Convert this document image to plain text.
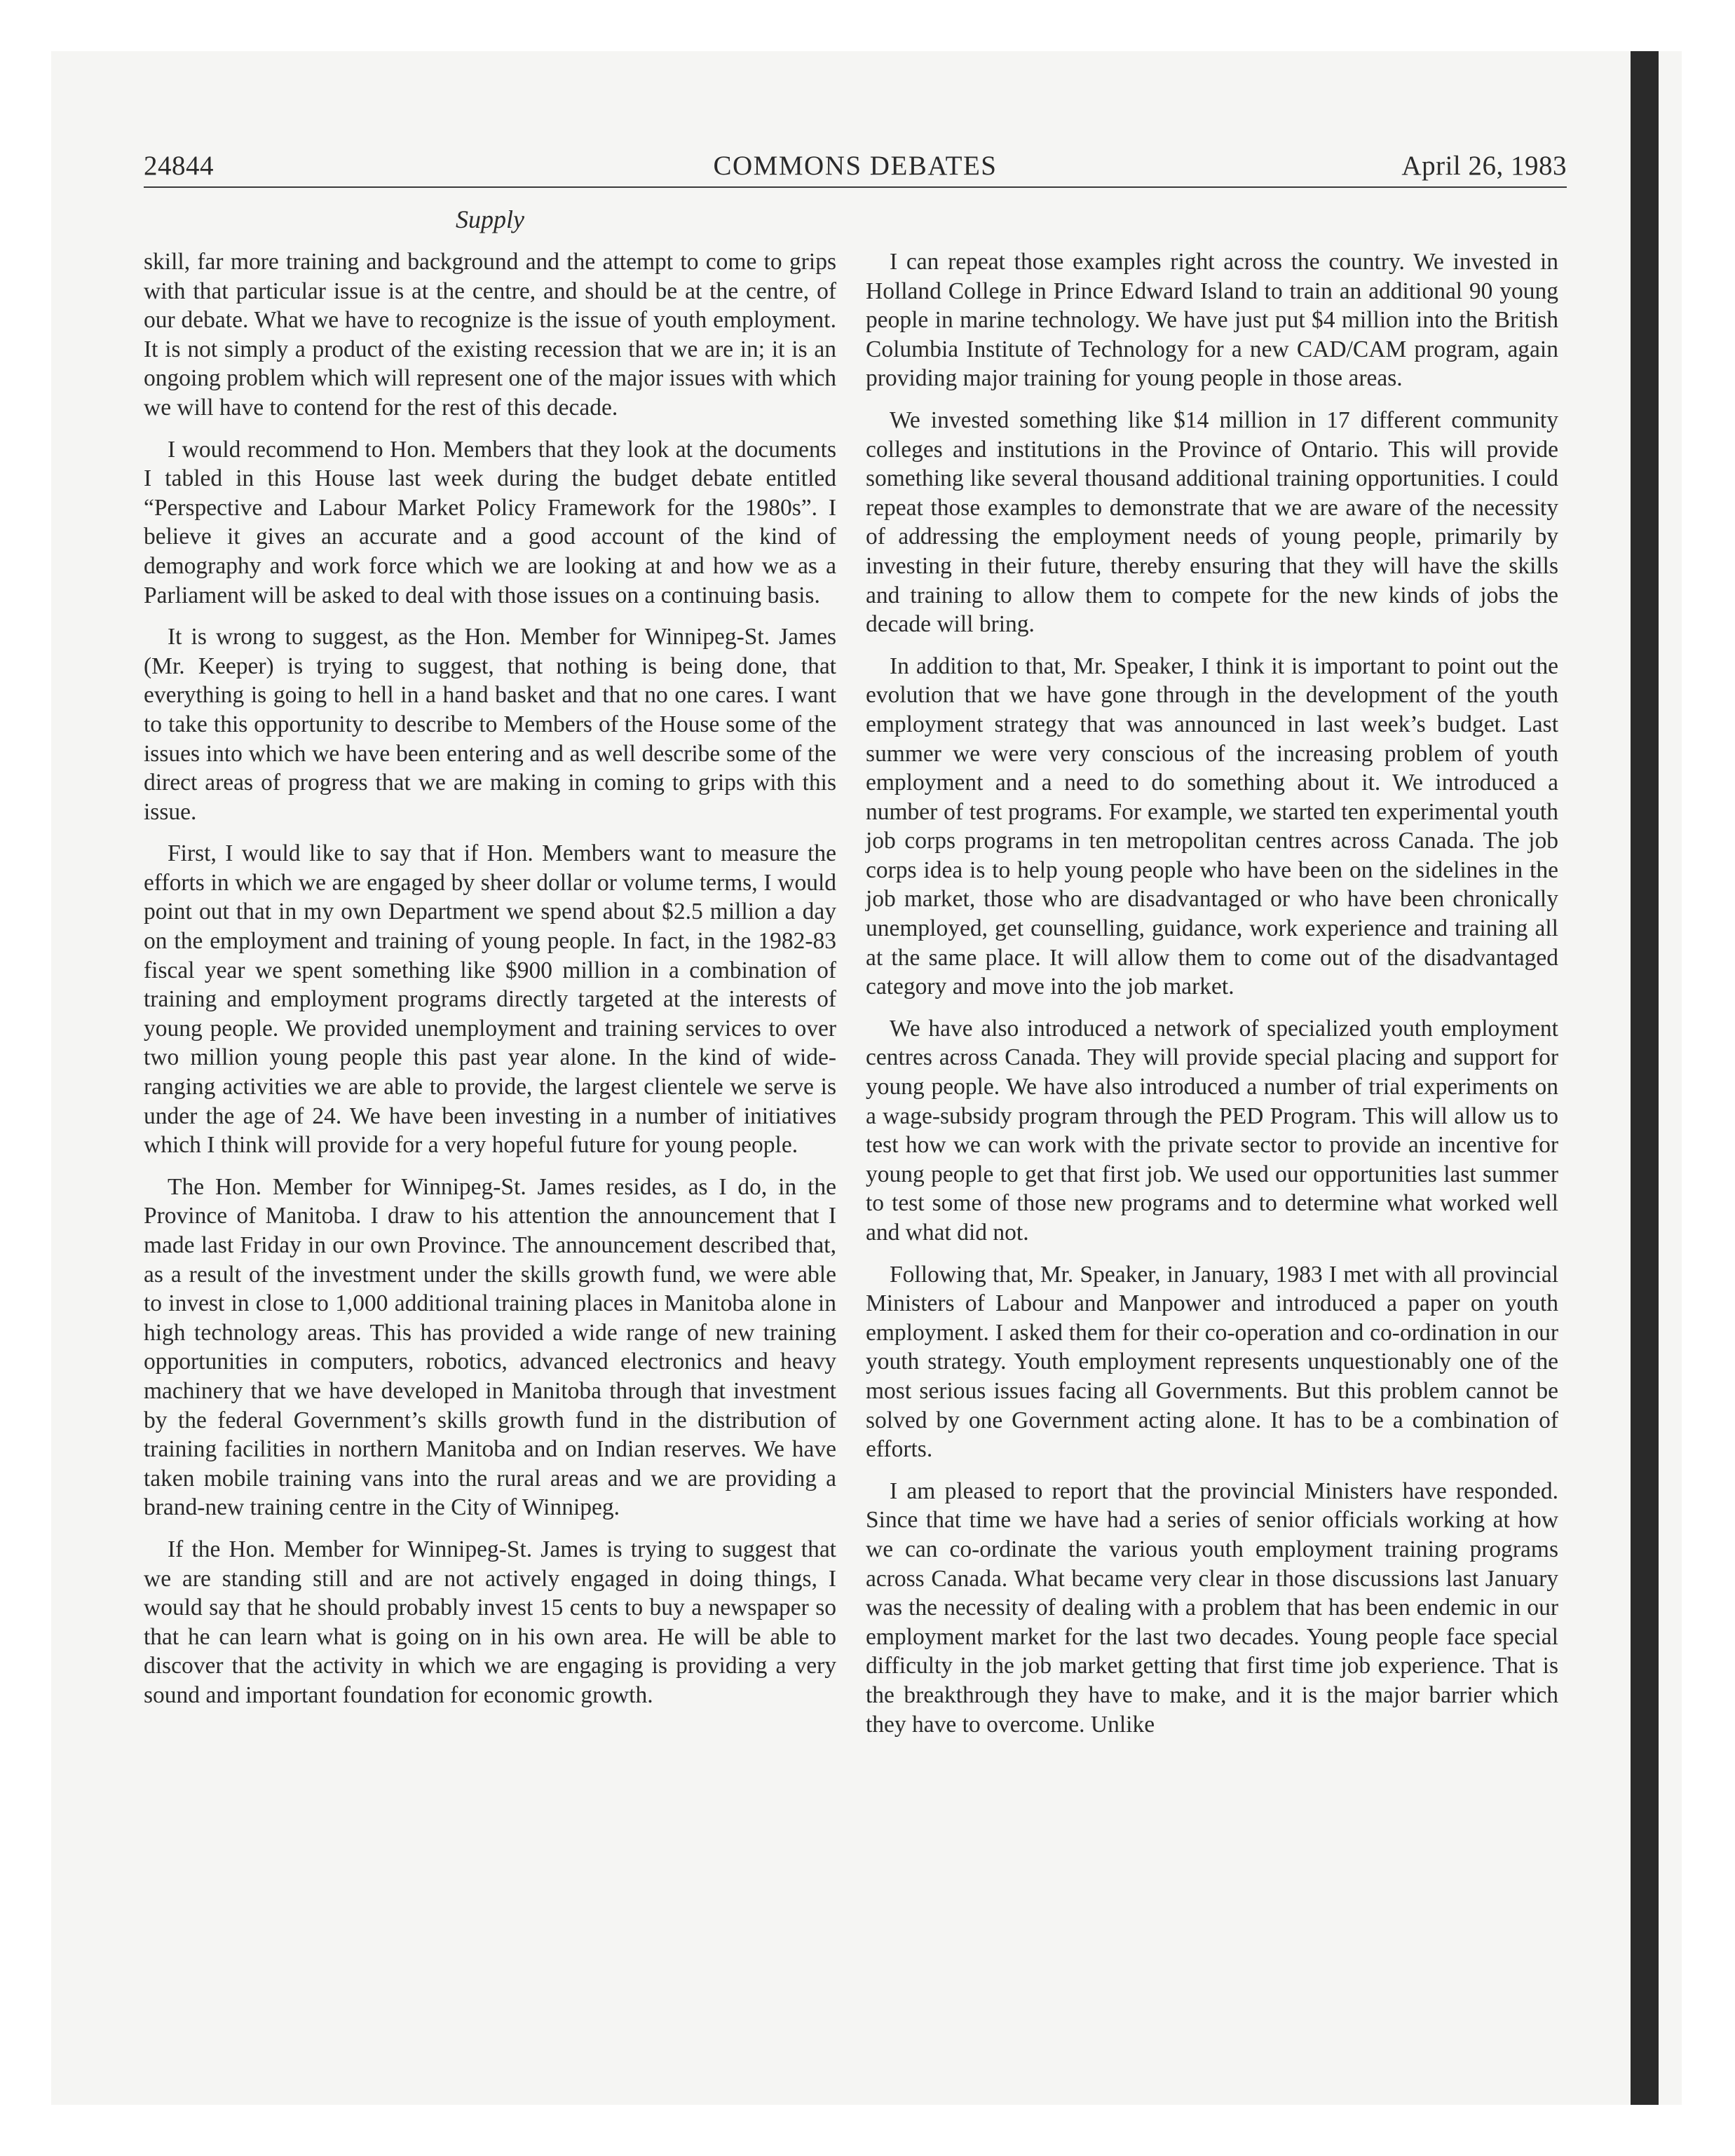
24844	COMMONS DEBATES	April 26, 1983
Supply

skill, far more training and background and the attempt to come to grips with that particular issue is at the centre, and should be at the centre, of our debate. What we have to recognize is the issue of youth employment. It is not simply a product of the existing recession that we are in; it is an ongoing problem which will represent one of the major issues with which we will have to contend for the rest of this decade.

I would recommend to Hon. Members that they look at the documents I tabled in this House last week during the budget debate entitled “Perspective and Labour Market Policy Framework for the 1980s”. I believe it gives an accurate and a good account of the kind of demography and work force which we are looking at and how we as a Parliament will be asked to deal with those issues on a continuing basis.

It is wrong to suggest, as the Hon. Member for Winnipeg-St. James (Mr. Keeper) is trying to suggest, that nothing is being done, that everything is going to hell in a hand basket and that no one cares. I want to take this opportunity to describe to Members of the House some of the issues into which we have been entering and as well describe some of the direct areas of progress that we are making in coming to grips with this issue.

First, I would like to say that if Hon. Members want to measure the efforts in which we are engaged by sheer dollar or volume terms, I would point out that in my own Department we spend about $2.5 million a day on the employment and training of young people. In fact, in the 1982-83 fiscal year we spent something like $900 million in a combination of training and employment programs directly targeted at the interests of young people. We provided unemployment and training services to over two million young people this past year alone. In the kind of wide-ranging activities we are able to provide, the largest clientele we serve is under the age of 24. We have been investing in a number of initiatives which I think will provide for a very hopeful future for young people.

The Hon. Member for Winnipeg-St. James resides, as I do, in the Province of Manitoba. I draw to his attention the announcement that I made last Friday in our own Province. The announcement described that, as a result of the investment under the skills growth fund, we were able to invest in close to 1,000 additional training places in Manitoba alone in high technology areas. This has provided a wide range of new training opportunities in computers, robotics, advanced electronics and heavy machinery that we have developed in Manitoba through that investment by the federal Government’s skills growth fund in the distribution of training facilities in northern Manitoba and on Indian reserves. We have taken mobile training vans into the rural areas and we are providing a brand-new training centre in the City of Winnipeg.

If the Hon. Member for Winnipeg-St. James is trying to suggest that we are standing still and are not actively engaged in doing things, I would say that he should probably invest 15 cents to buy a newspaper so that he can learn what is going on in his own area. He will be able to discover that the activity in which we are engaging is providing a very sound and important foundation for economic growth.

I can repeat those examples right across the country. We invested in Holland College in Prince Edward Island to train an additional 90 young people in marine technology. We have just put $4 million into the British Columbia Institute of Technology for a new CAD/CAM program, again providing major training for young people in those areas.

We invested something like $14 million in 17 different community colleges and institutions in the Province of Ontario. This will provide something like several thousand additional training opportunities. I could repeat those examples to demonstrate that we are aware of the necessity of addressing the employment needs of young people, primarily by investing in their future, thereby ensuring that they will have the skills and training to allow them to compete for the new kinds of jobs the decade will bring.

In addition to that, Mr. Speaker, I think it is important to point out the evolution that we have gone through in the development of the youth employment strategy that was announced in last week’s budget. Last summer we were very conscious of the increasing problem of youth employment and a need to do something about it. We introduced a number of test programs. For example, we started ten experimental youth job corps programs in ten metropolitan centres across Canada. The job corps idea is to help young people who have been on the sidelines in the job market, those who are disadvantaged or who have been chronically unemployed, get counselling, guidance, work experience and training all at the same place. It will allow them to come out of the disadvantaged category and move into the job market.

We have also introduced a network of specialized youth employment centres across Canada. They will provide special placing and support for young people. We have also introduced a number of trial experiments on a wage-subsidy program through the PED Program. This will allow us to test how we can work with the private sector to provide an incentive for young people to get that first job. We used our opportunities last summer to test some of those new programs and to determine what worked well and what did not.

Following that, Mr. Speaker, in January, 1983 I met with all provincial Ministers of Labour and Manpower and introduced a paper on youth employment. I asked them for their co-operation and co-ordination in our youth strategy. Youth employment represents unquestionably one of the most serious issues facing all Governments. But this problem cannot be solved by one Government acting alone. It has to be a combination of efforts.

I am pleased to report that the provincial Ministers have responded. Since that time we have had a series of senior officials working at how we can co-ordinate the various youth employment training programs across Canada. What became very clear in those discussions last January was the necessity of dealing with a problem that has been endemic in our employment market for the last two decades. Young people face special difficulty in the job market getting that first time job experience. That is the breakthrough they have to make, and it is the major barrier which they have to overcome. Unlike
